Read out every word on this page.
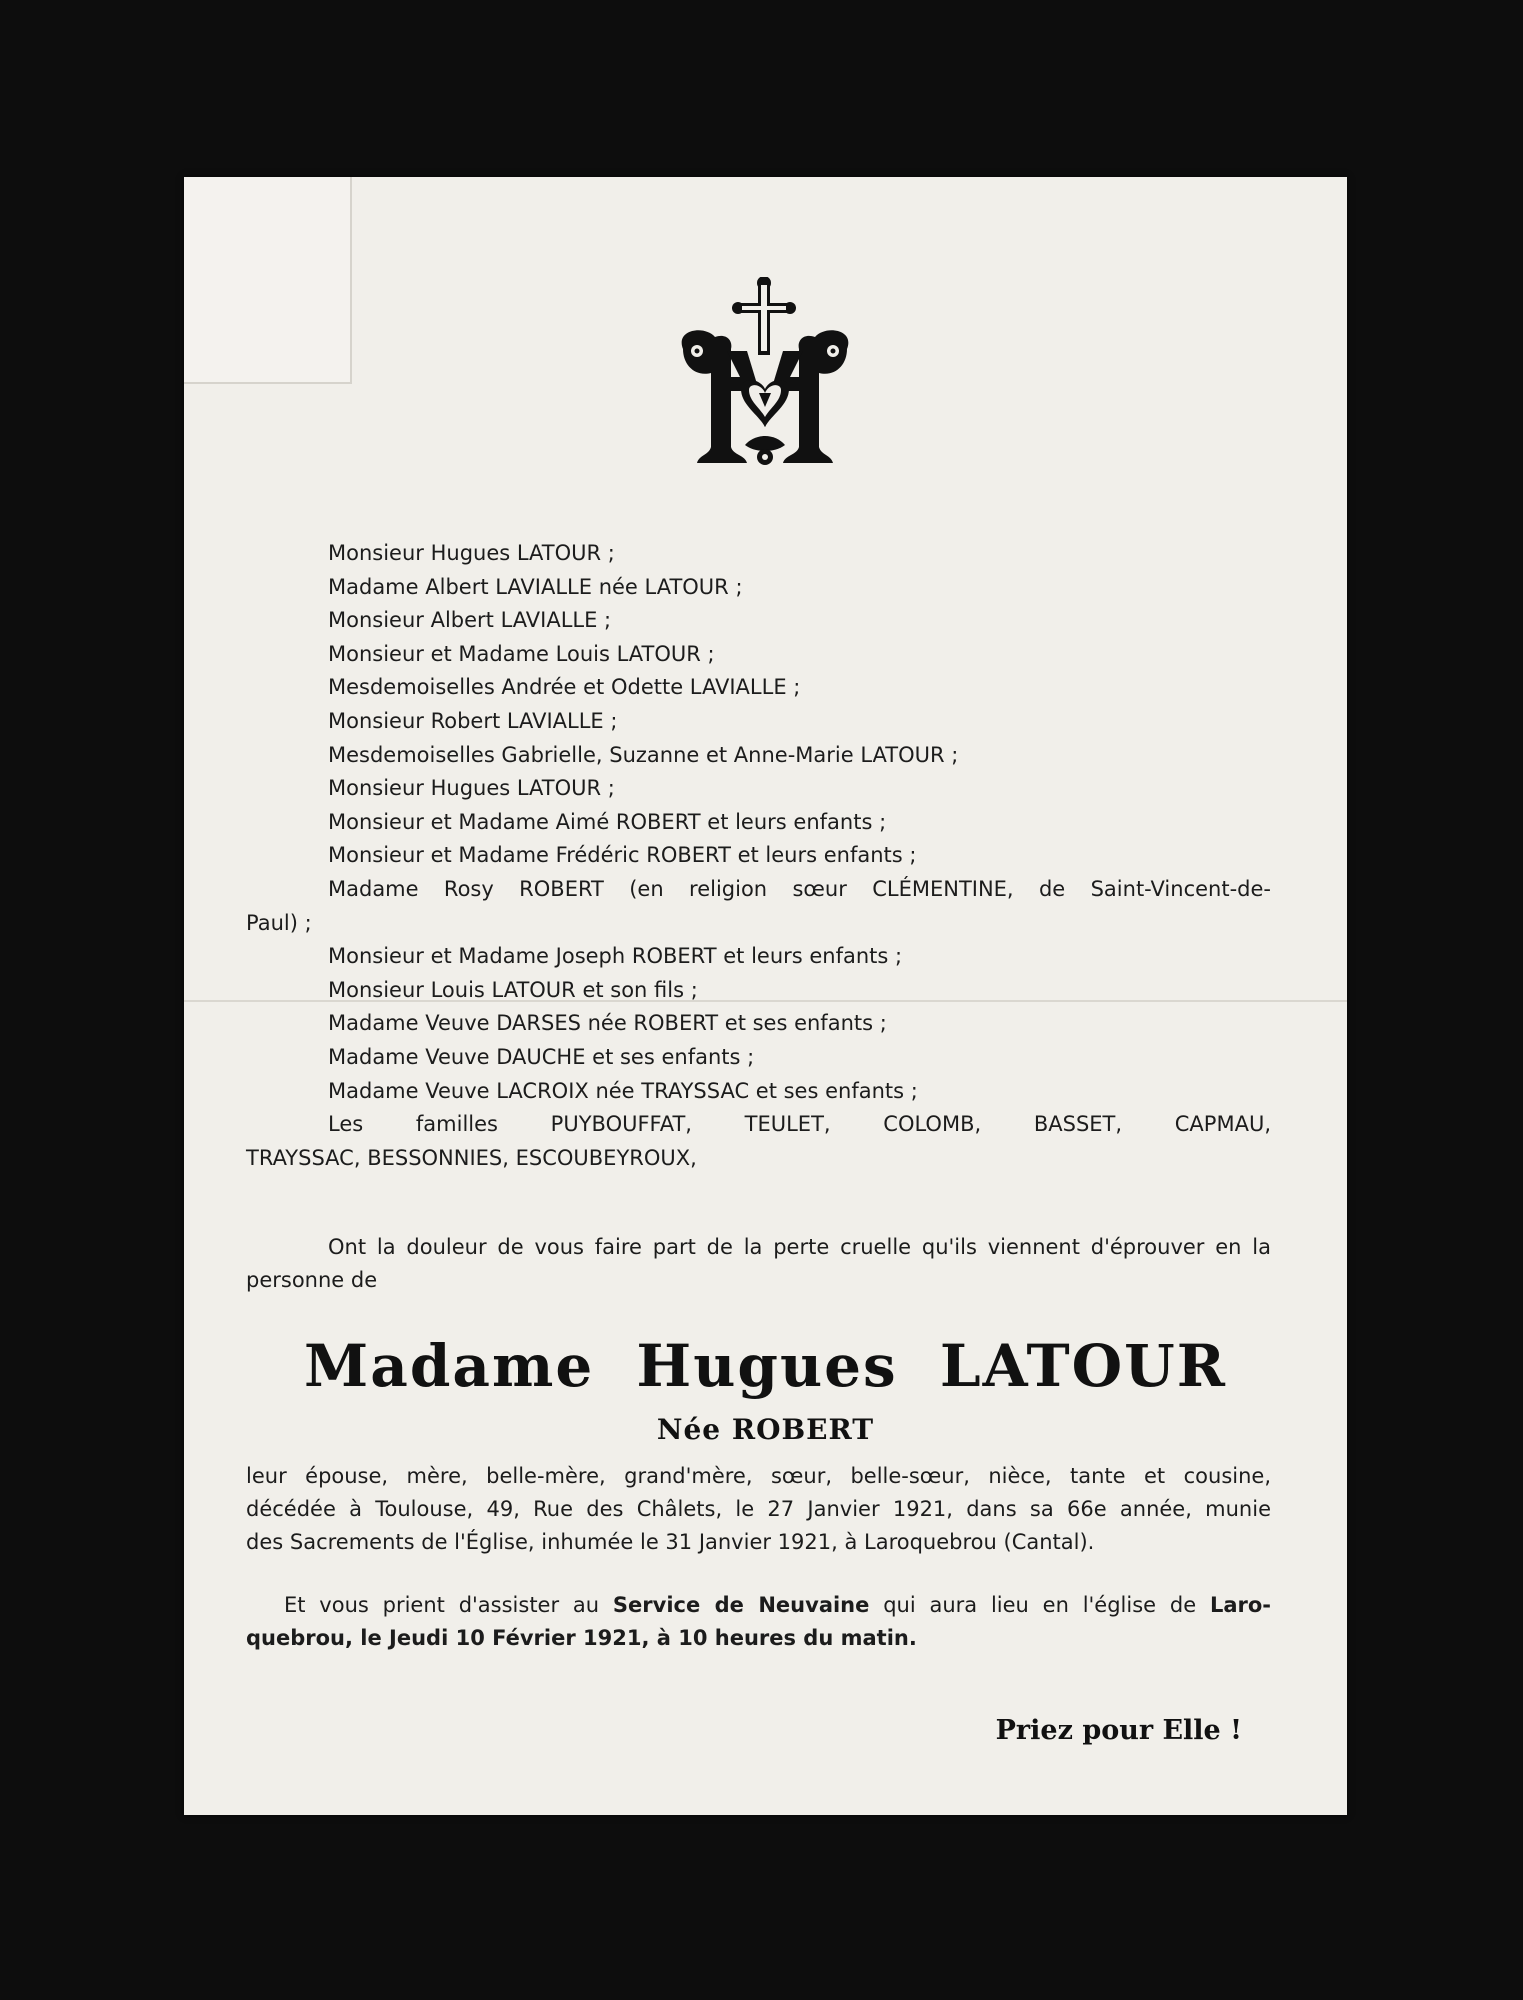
Monsieur Hugues LATOUR ;
Madame Albert LAVIALLE née LATOUR ;
Monsieur Albert LAVIALLE ;
Monsieur et Madame Louis LATOUR ;
Mesdemoiselles Andrée et Odette LAVIALLE ;
Monsieur Robert LAVIALLE ;
Mesdemoiselles Gabrielle, Suzanne et Anne-Marie LATOUR ;
Monsieur Hugues LATOUR ;
Monsieur et Madame Aimé ROBERT et leurs enfants ;
Monsieur et Madame Frédéric ROBERT et leurs enfants ;
Madame Rosy ROBERT (en religion sœur CLÉMENTINE, de Saint-Vincent-de-
Paul) ;
Monsieur et Madame Joseph ROBERT et leurs enfants ;
Monsieur Louis LATOUR et son fils ;
Madame Veuve DARSES née ROBERT et ses enfants ;
Madame Veuve DAUCHE et ses enfants ;
Madame Veuve LACROIX née TRAYSSAC et ses enfants ;
Les familles PUYBOUFFAT, TEULET, COLOMB, BASSET, CAPMAU,
TRAYSSAC, BESSONNIES, ESCOUBEYROUX,
Ont la douleur de vous faire part de la perte cruelle qu'ils viennent d'éprouver en la
personne de
Madame Hugues LATOUR
Née ROBERT
leur épouse, mère, belle-mère, grand'mère, sœur, belle-sœur, nièce, tante et cousine,
décédée à Toulouse, 49, Rue des Châlets, le 27 Janvier 1921, dans sa 66e année, munie
des Sacrements de l'Église, inhumée le 31 Janvier 1921, à Laroquebrou (Cantal).
Et vous prient d'assister au Service de Neuvaine qui aura lieu en l'église de Laro-
quebrou, le Jeudi 10 Février 1921, à 10 heures du matin.
Priez pour Elle !
